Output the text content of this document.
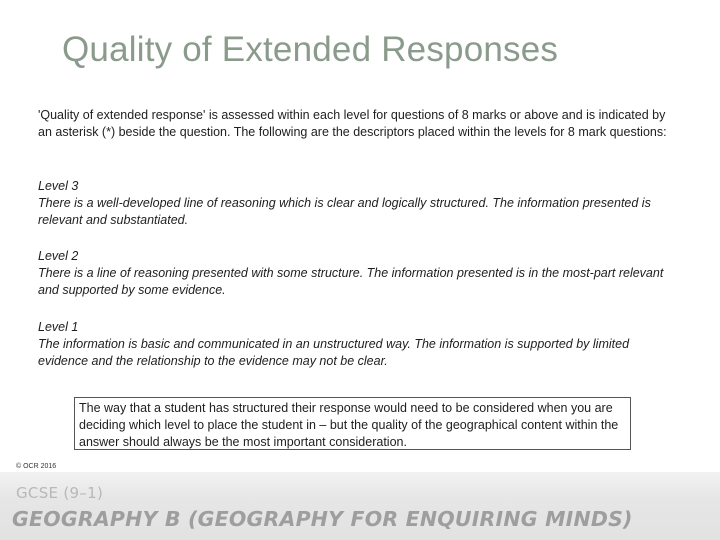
Quality of Extended Responses
'Quality of extended response' is assessed within each level for questions of 8 marks or above and is indicated by an asterisk (*) beside the question. The following are the descriptors placed within the levels for 8 mark questions:
Level 3
There is a well-developed line of reasoning which is clear and logically structured. The information presented is relevant and substantiated.
Level 2
There is a line of reasoning presented with some structure. The information presented is in the most-part relevant and supported by some evidence.
Level 1
The information is basic and communicated in an unstructured way. The information is supported by limited evidence and the relationship to the evidence may not be clear.
The way that a student has structured their response would need to be considered when you are deciding which level to place the student in – but the quality of the geographical content within the answer should always be the most important consideration.
© OCR 2016
GCSE (9–1)
GEOGRAPHY B (GEOGRAPHY FOR ENQUIRING MINDS)
